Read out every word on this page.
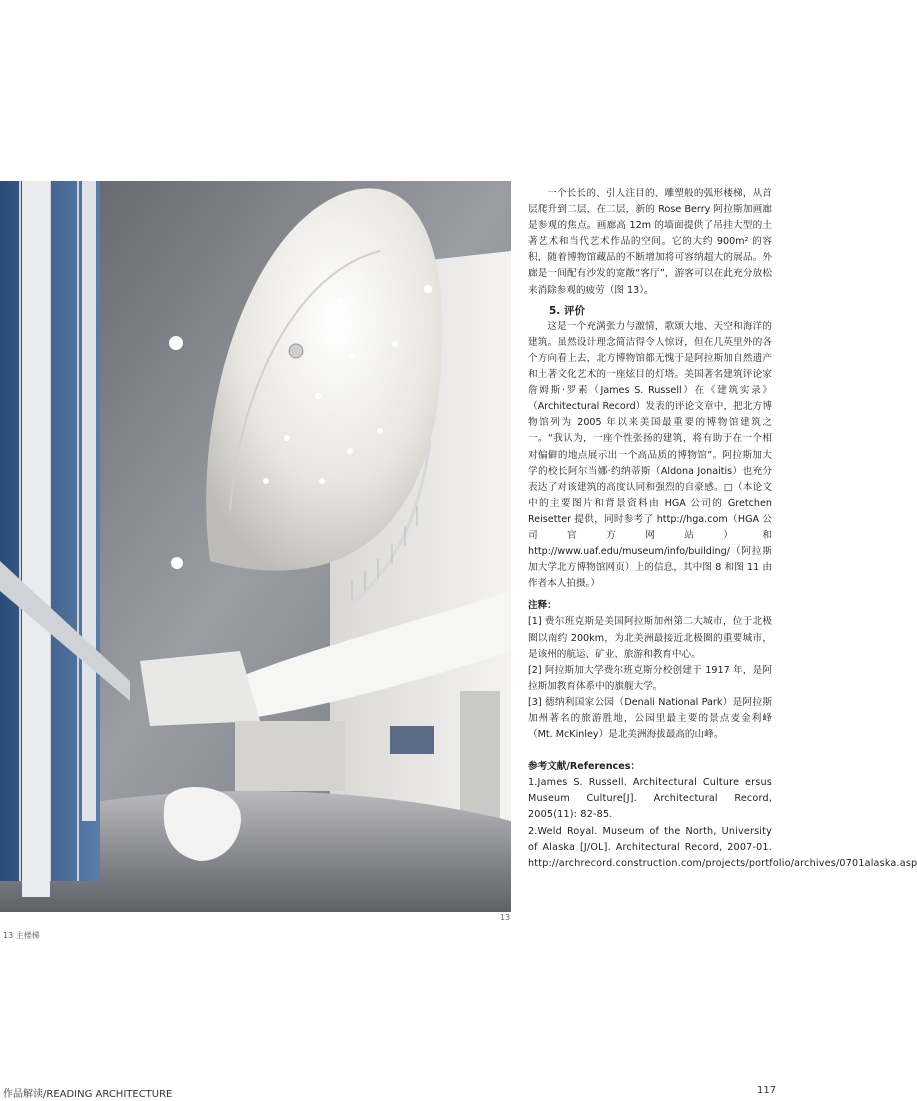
13
13 主楼梯

一个长长的、引人注目的、雕塑般的弧形楼梯，从首层爬升到二层，在二层，新的 Rose Berry 阿拉斯加画廊是参观的焦点。画廊高 12m 的墙面提供了吊挂大型的土著艺术和当代艺术作品的空间。它的大约 900m² 的容积，随着博物馆藏品的不断增加将可容纳超大的展品。外廊是一间配有沙发的宽敞“客厅”，游客可以在此充分放松来消除参观的疲劳（图 13）。

5. 评价

这是一个充满张力与激情，歌颂大地、天空和海洋的建筑。虽然设计理念简洁得令人惊讶，但在几英里外的各个方向看上去，北方博物馆都无愧于是阿拉斯加自然遗产和土著文化艺术的一座炫目的灯塔。美国著名建筑评论家詹姆斯·罗素（James S. Russell）在《建筑实录》（Architectural Record）发表的评论文章中，把北方博物馆列为 2005 年以来美国最重要的博物馆建筑之一。“我认为，一座个性张扬的建筑，将有助于在一个相对偏僻的地点展示出一个高品质的博物馆”。阿拉斯加大学的校长阿尔当娜·约纳蒂斯（Aldona Jonaitis）也充分表达了对该建筑的高度认同和强烈的自豪感。□（本论文中的主要图片和背景资料由 HGA 公司的 Gretchen Reisetter 提供，同时参考了 http://hga.com（HGA 公司官方网站）和 http://www.uaf.edu/museum/info/building/（阿拉斯加大学北方博物馆网页）上的信息，其中图 8 和图 11 由作者本人拍摄。）

注释：

[1] 费尔班克斯是美国阿拉斯加州第二大城市，位于北极圈以南约 200km，为北美洲最接近北极圈的重要城市，是该州的航运、矿业、旅游和教育中心。

[2] 阿拉斯加大学费尔班克斯分校创建于 1917 年，是阿拉斯加教育体系中的旗舰大学。

[3] 德纳利国家公园（Denali National Park）是阿拉斯加州著名的旅游胜地，公园里最主要的景点麦金利峰（Mt. McKinley）是北美洲海拔最高的山峰。

参考文献/References：

1.James S. Russell. Architectural Culture ersus Museum Culture[J]. Architectural Record, 2005(11): 82-85.

2.Weld Royal. Museum of the North, University of Alaska [J/OL]. Architectural Record, 2007-01. http://archrecord.construction.com/projects/portfolio/archives/0701alaska.asp

作品解读/READING ARCHITECTURE	117
